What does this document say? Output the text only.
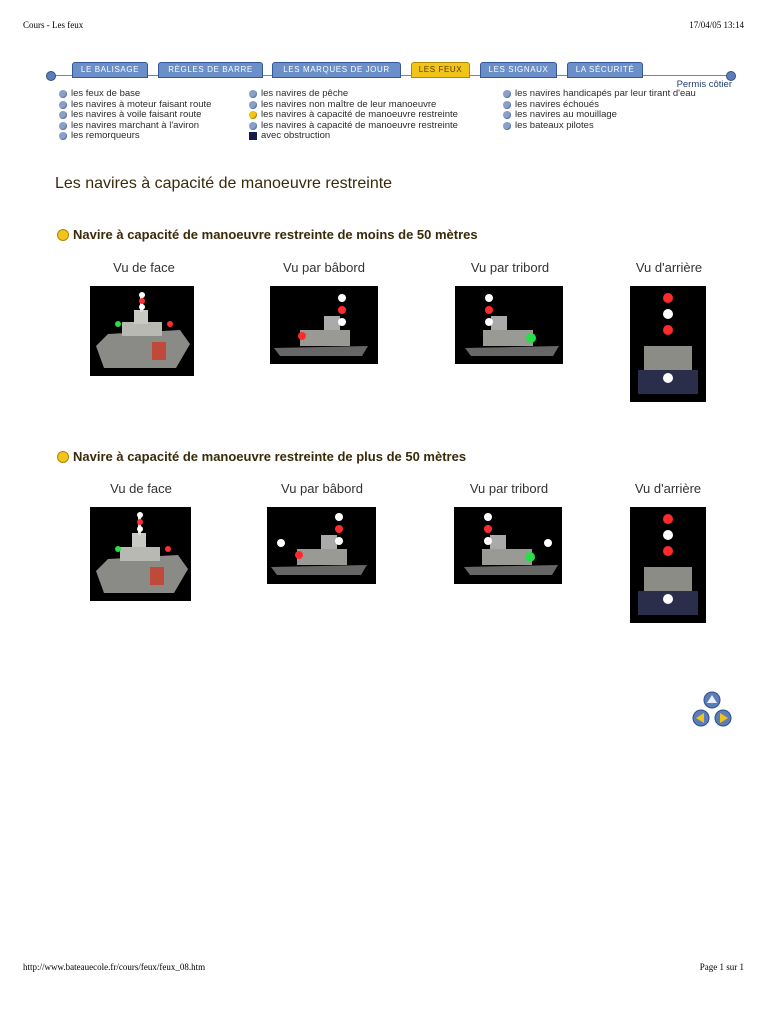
Cours - Les feux	17/04/05 13:14
LE BALISAGE	RÈGLES DE BARRE	LES MARQUES DE JOUR	LES FEUX	LES SIGNAUX	LA SÉCURITÉ
Permis côtier
les feux de base
les navires à moteur faisant route
les navires à voile faisant route
les navires marchant à l'aviron
les remorqueurs
les navires de pêche
les navires non maître de leur manoeuvre
les navires à capacité de manoeuvre restreinte
les navires à capacité de manoeuvre restreinte
avec obstruction
les navires handicapés par leur tirant d'eau
les navires échoués
les navires au mouillage
les bateaux pilotes
Les navires à capacité de manoeuvre restreinte
Navire à capacité de manoeuvre restreinte de moins de 50 mètres
Vu de face	Vu par bâbord	Vu par tribord	Vu d'arrière
Navire à capacité de manoeuvre restreinte de plus de 50 mètres
Vu de face	Vu par bâbord	Vu par tribord	Vu d'arrière
http://www.bateauecole.fr/cours/feux/feux_08.htm	Page 1 sur 1
